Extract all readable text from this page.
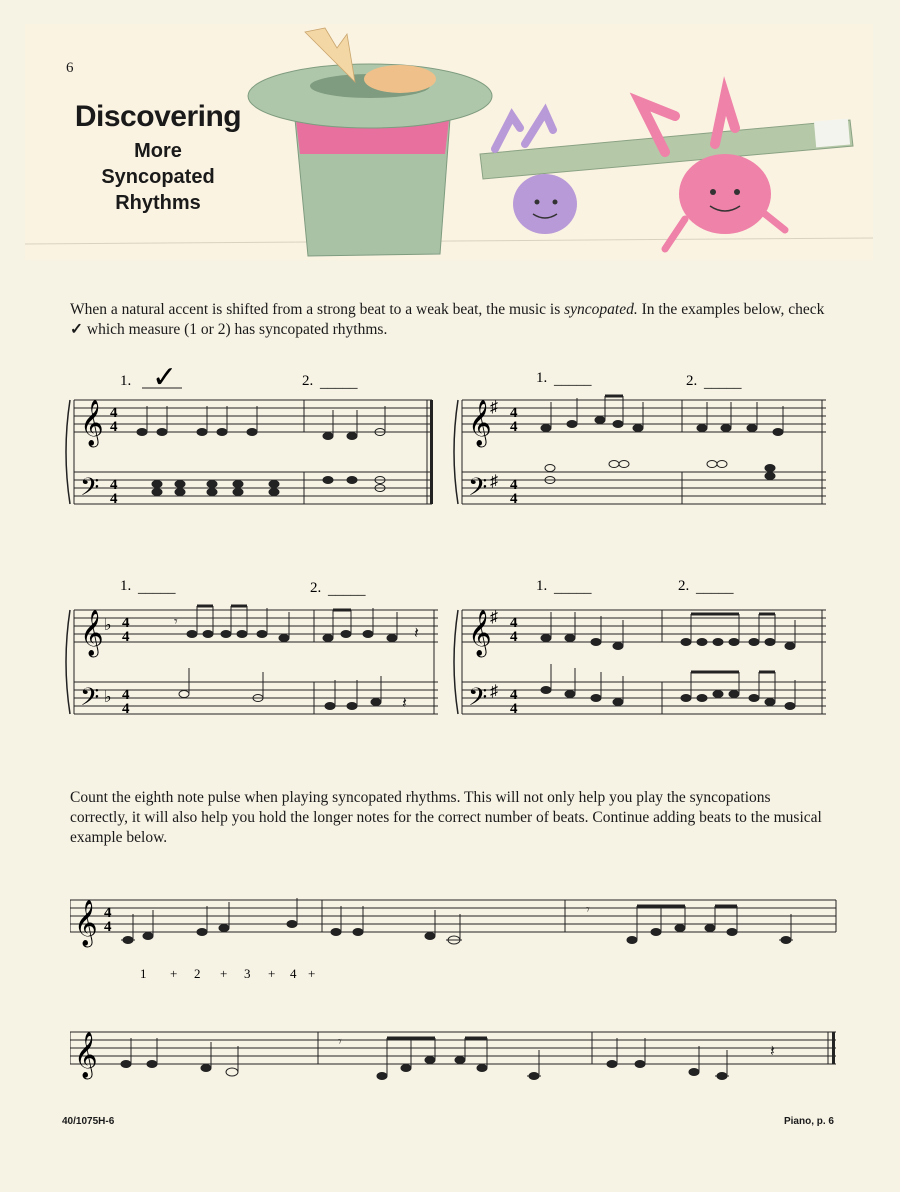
6
Discovering
More
Syncopated
Rhythms
When a natural accent is shifted from a strong beat to a weak beat, the music is syncopated. In the examples below, check ✓ which measure (1 or 2) has syncopated rhythms.
1. ✓	2. _____
𝄞
𝄢
4
4
4
4
1. _____	2. _____
𝄞
𝄢
♯
♯
4
4
4
4
1. _____	2. _____
𝄞
𝄢
♭
♭
4
4
4
4
𝄾
𝄽
𝄽
1. _____	2. _____
𝄞
𝄢
♯
♯
4
4
4
4
Count the eighth note pulse when playing syncopated rhythms. This will not only help you play the syncopations correctly, it will also help you hold the longer notes for the correct number of beats. Continue adding beats to the musical example below.
𝄞 4
4
𝄾
1 + 2 + 3 + 4 +
𝄞	𝄾
𝄽
40/1075H-6	Piano, p. 6
